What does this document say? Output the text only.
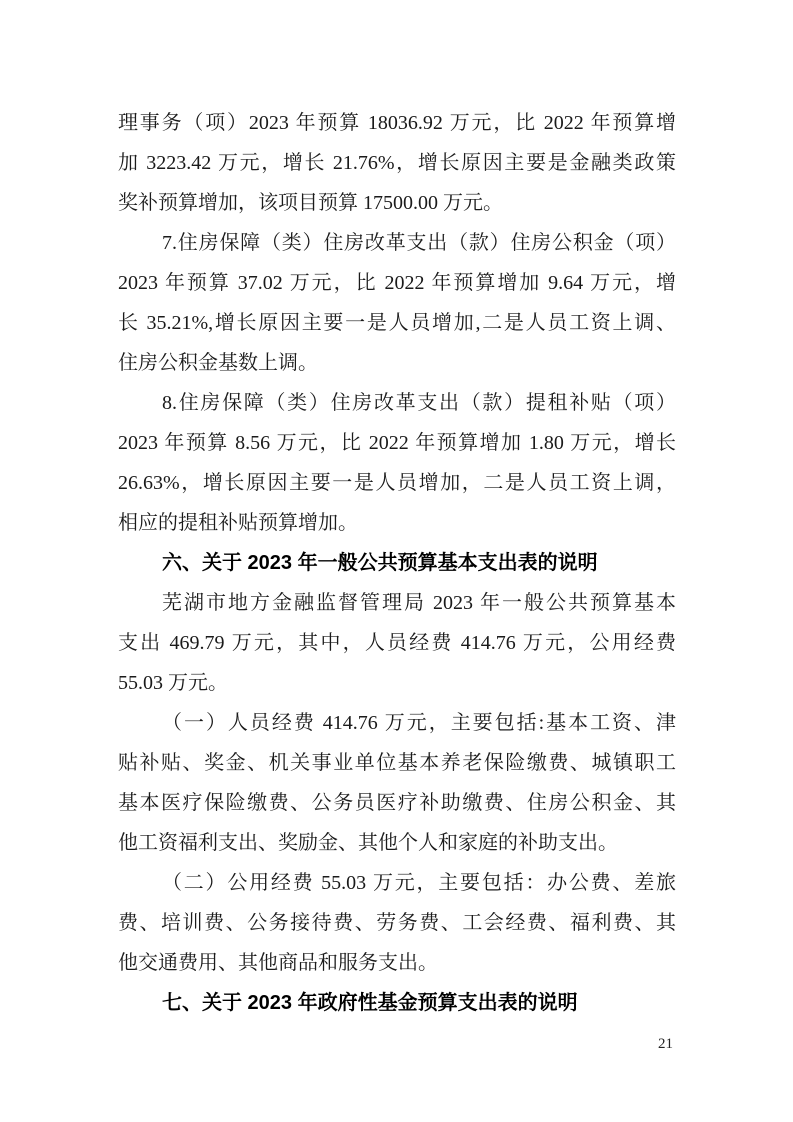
理事务（项）2023 年预算 18036.92 万元，比 2022 年预算增
加 3223.42 万元，增长 21.76%，增长原因主要是金融类政策
奖补预算增加，该项目预算 17500.00 万元。
7.住房保障（类）住房改革支出（款）住房公积金（项）
2023 年预算 37.02 万元，比 2022 年预算增加 9.64 万元，增
长 35.21%,增长原因主要一是人员增加,二是人员工资上调、
住房公积金基数上调。
8.住房保障（类）住房改革支出（款）提租补贴（项）
2023 年预算 8.56 万元，比 2022 年预算增加 1.80 万元，增长
26.63%，增长原因主要一是人员增加，二是人员工资上调，
相应的提租补贴预算增加。
六、关于 2023 年一般公共预算基本支出表的说明
芜湖市地方金融监督管理局 2023 年一般公共预算基本
支出 469.79 万元，其中，人员经费 414.76 万元，公用经费
55.03 万元。
（一）人员经费 414.76 万元，主要包括:基本工资、津
贴补贴、奖金、机关事业单位基本养老保险缴费、城镇职工
基本医疗保险缴费、公务员医疗补助缴费、住房公积金、其
他工资福利支出、奖励金、其他个人和家庭的补助支出。
（二）公用经费 55.03 万元，主要包括：办公费、差旅
费、培训费、公务接待费、劳务费、工会经费、福利费、其
他交通费用、其他商品和服务支出。
七、关于 2023 年政府性基金预算支出表的说明
21
